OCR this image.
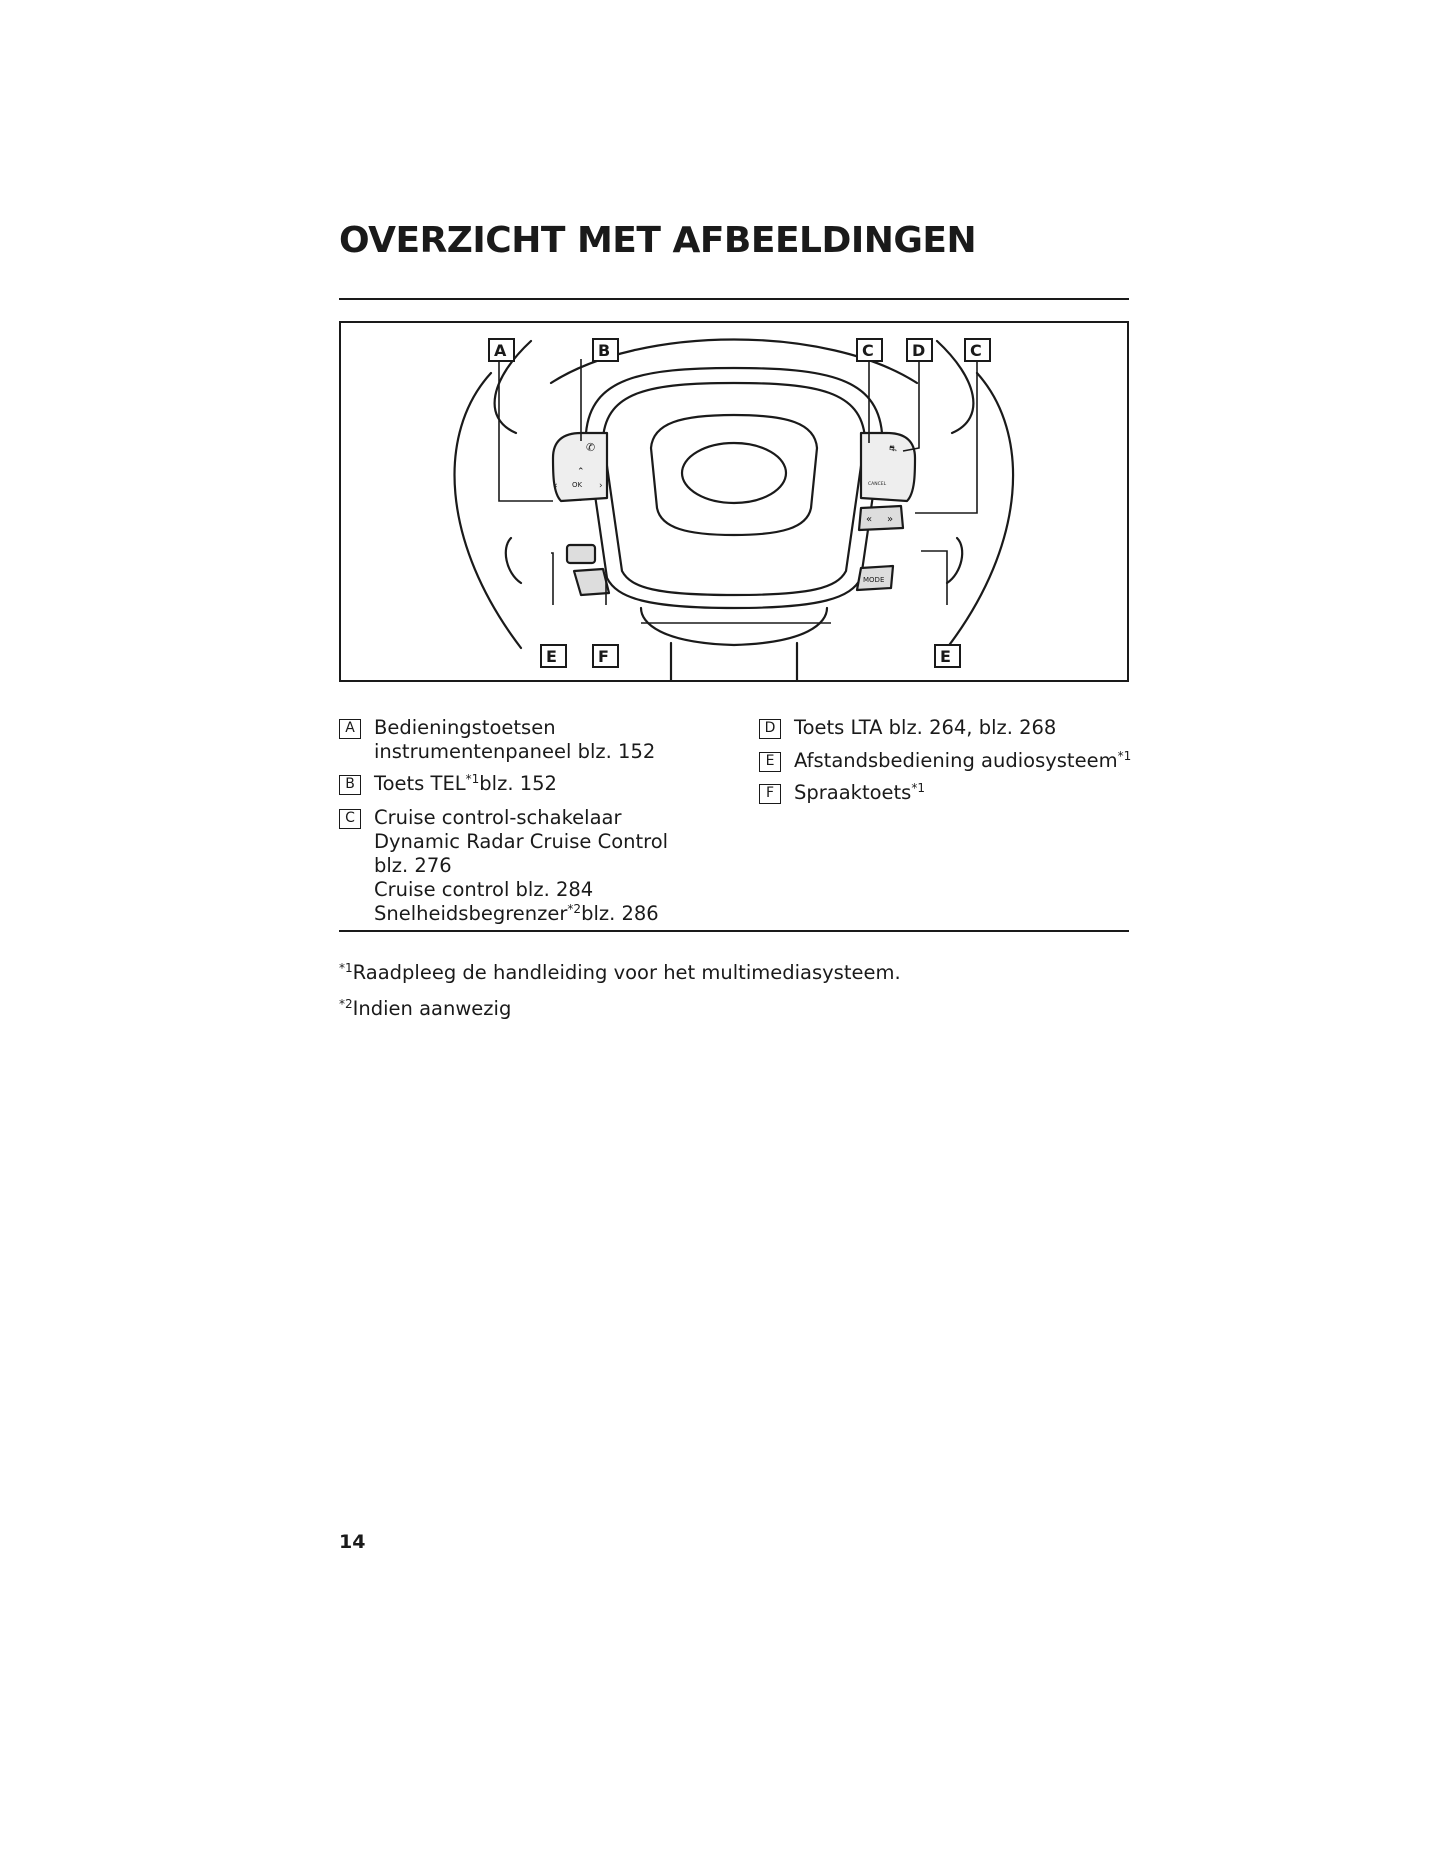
OVERZICHT MET AFBEELDINGEN
OK
MODE
CANCEL
✆
⌃
⌄
‹	›
⛐
« »
A	B	C D	C
E	F	E
A Bedieningstoetsen
instrumentenpaneel blz. 152
B Toets TEL$^{*1}$blz. 152
C Cruise control-schakelaar
Dynamic Radar Cruise Control
blz. 276
Cruise control blz. 284
Snelheidsbegrenzer$^{*2}$blz. 286
D Toets LTA blz. 264, blz. 268
E	Afstandsbediening audiosysteem$^{*1}$
F	Spraaktoets$^{*1}$
$^{*1}$Raadpleeg de handleiding voor het multimediasysteem.
$^{*2}$Indien aanwezig
14
